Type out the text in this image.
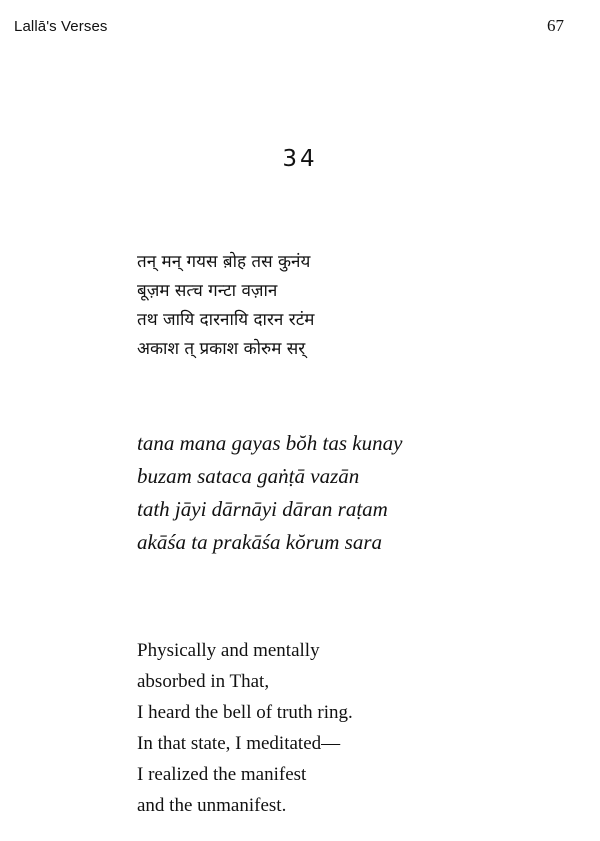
Lallā's Verses	67
34
तन् मन् गयस ब़ोह तस कुनंय
बूज़म सत्च गन्टा वज़ान
तथ जायि दारनायि दारन रटंम
अकाश त् प्रकाश कोरुम सर्
tana mana gayas bŏh tas kunay
buzam sataca gaṅṭā vazān
tath jāyi dārnāyi dāran raṭam
akāśa ta prakāśa kŏrum sara
Physically and mentally
absorbed in That,
I heard the bell of truth ring.
In that state, I meditated—
I realized the manifest
and the unmanifest.
